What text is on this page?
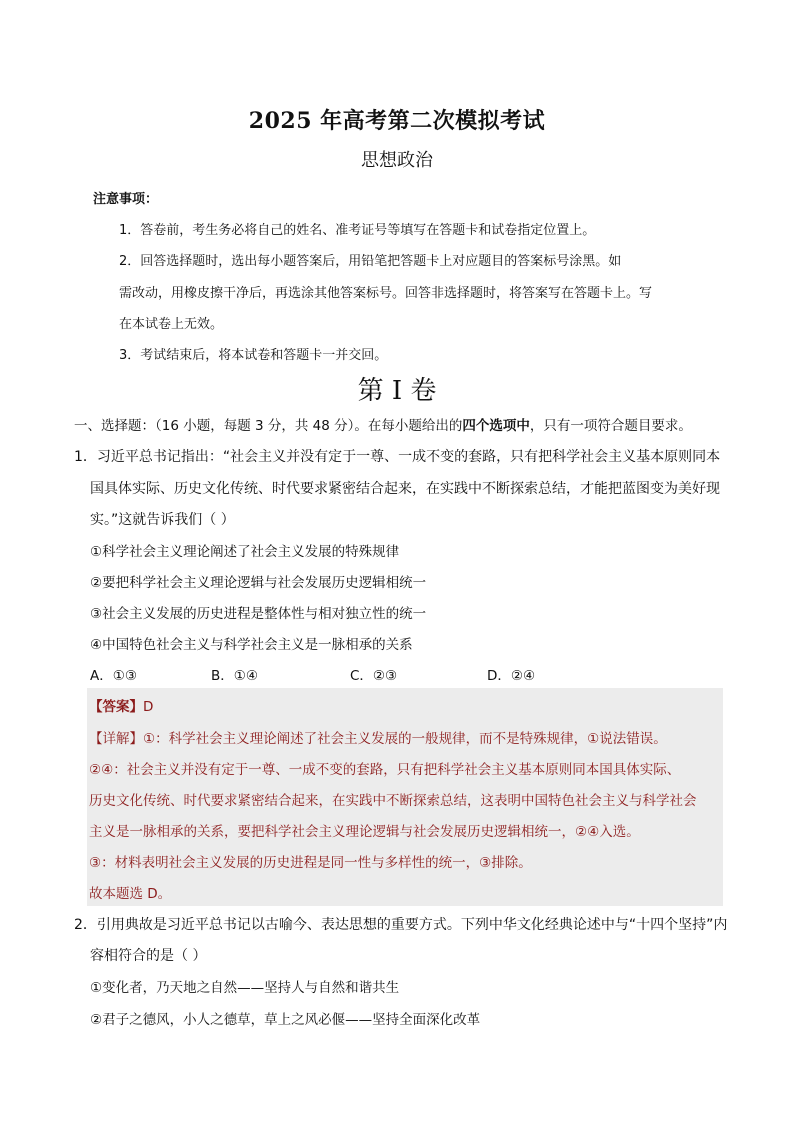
2025 年高考第二次模拟考试
思想政治
注意事项：
1．答卷前，考生务必将自己的姓名、准考证号等填写在答题卡和试卷指定位置上。
2．回答选择题时，选出每小题答案后，用铅笔把答题卡上对应题目的答案标号涂黑。如
需改动，用橡皮擦干净后，再选涂其他答案标号。回答非选择题时，将答案写在答题卡上。写
在本试卷上无效。
3．考试结束后，将本试卷和答题卡一并交回。
第 I 卷
一、选择题：（16 小题，每题 3 分，共 48 分）。在每小题给出的四个选项中，只有一项符合题目要求。
1．习近平总书记指出：“社会主义并没有定于一尊、一成不变的套路，只有把科学社会主义基本原则同本
国具体实际、历史文化传统、时代要求紧密结合起来，在实践中不断探索总结，才能把蓝图变为美好现
实。”这就告诉我们（ ）
①科学社会主义理论阐述了社会主义发展的特殊规律
②要把科学社会主义理论逻辑与社会发展历史逻辑相统一
③社会主义发展的历史进程是整体性与相对独立性的统一
④中国特色社会主义与科学社会主义是一脉相承的关系
A．①③	B．①④	C．②③	D．②④
【答案】D
【详解】①：科学社会主义理论阐述了社会主义发展的一般规律，而不是特殊规律，①说法错误。
②④：社会主义并没有定于一尊、一成不变的套路，只有把科学社会主义基本原则同本国具体实际、
历史文化传统、时代要求紧密结合起来，在实践中不断探索总结，这表明中国特色社会主义与科学社会
主义是一脉相承的关系，要把科学社会主义理论逻辑与社会发展历史逻辑相统一，②④入选。
③：材料表明社会主义发展的历史进程是同一性与多样性的统一，③排除。
故本题选 D。
2．引用典故是习近平总书记以古喻今、表达思想的重要方式。下列中华文化经典论述中与“十四个坚持”内
容相符合的是（ ）
①变化者，乃天地之自然——坚持人与自然和谐共生
②君子之德风，小人之德草，草上之风必偃——坚持全面深化改革
